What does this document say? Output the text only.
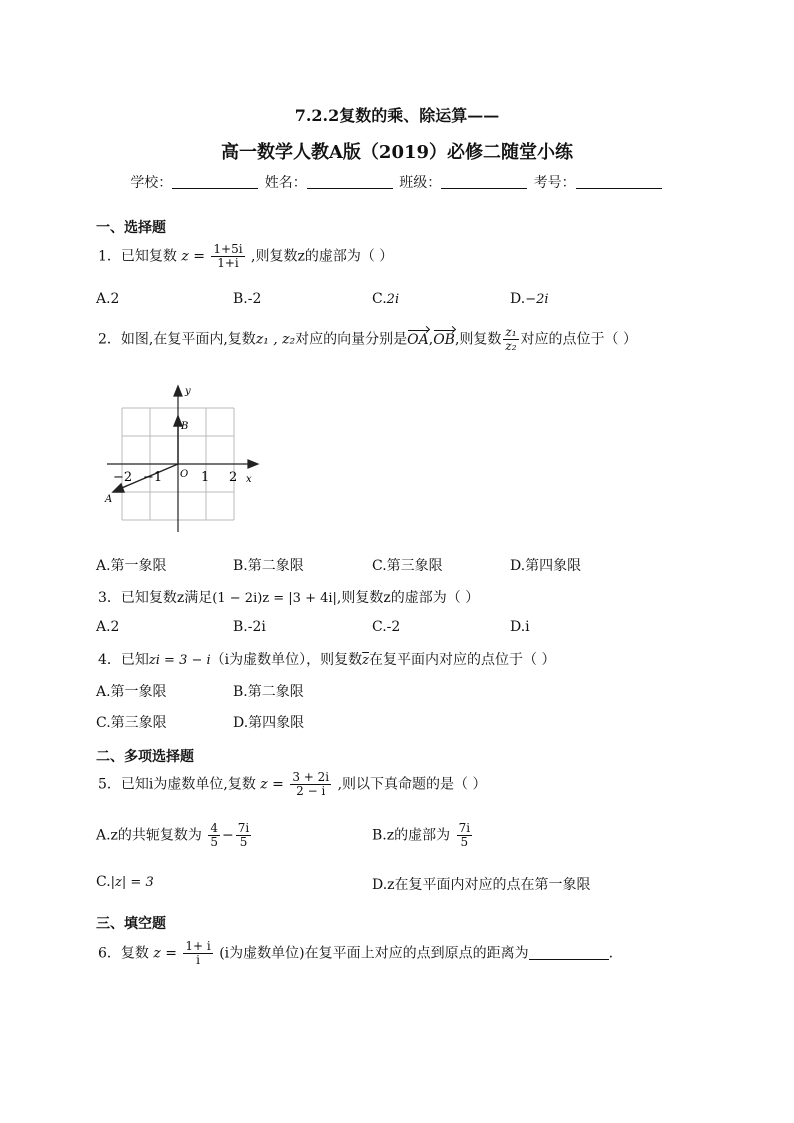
7.2.2复数的乘、除运算——
高一数学人教A版（2019）必修二随堂小练
学校：	姓名：	班级：	考号：
一、选择题
1．已知复数 $z = \frac{1+5i}{1+i}$ ,则复数z的虚部为（ ）
A.2	B.-2	C.2i	D.−2i
2．如图,在复平面内,复数z₁ , z₂对应的向量分别是OA,OB,则复数 $\frac{\text{z₁}}{\text{z₂}}$ 对应的点位于（ ）
y
x
O
B
A
−2 −1	1 2
A.第一象限	B.第二象限	C.第三象限	D.第四象限
3．已知复数z满足(1 − 2i)z = |3 + 4i|,则复数z的虚部为（ ）
A.2	B.-2i	C.-2	D.i
4．已知zi = 3 − i（i为虚数单位），则复数$\overline{z}$在复平面内对应的点位于（ ）
A.第一象限	B.第二象限
C.第三象限	D.第四象限
二、多项选择题
5．已知i为虚数单位,复数 $z = \frac{3 + 2i}{2 - i}$ ,则以下真命题的是（ ）
A.z的共轭复数为 $\frac{4}{5} - \frac{7i}{5}$	B.z的虚部为 $\frac{7i}{5}$
C.|z| = 3	D.z在复平面内对应的点在第一象限
三、填空题
6．复数 $z = \frac{1+ i}{i} (i$为虚数单位)在复平面上对应的点到原点的距离为	.
